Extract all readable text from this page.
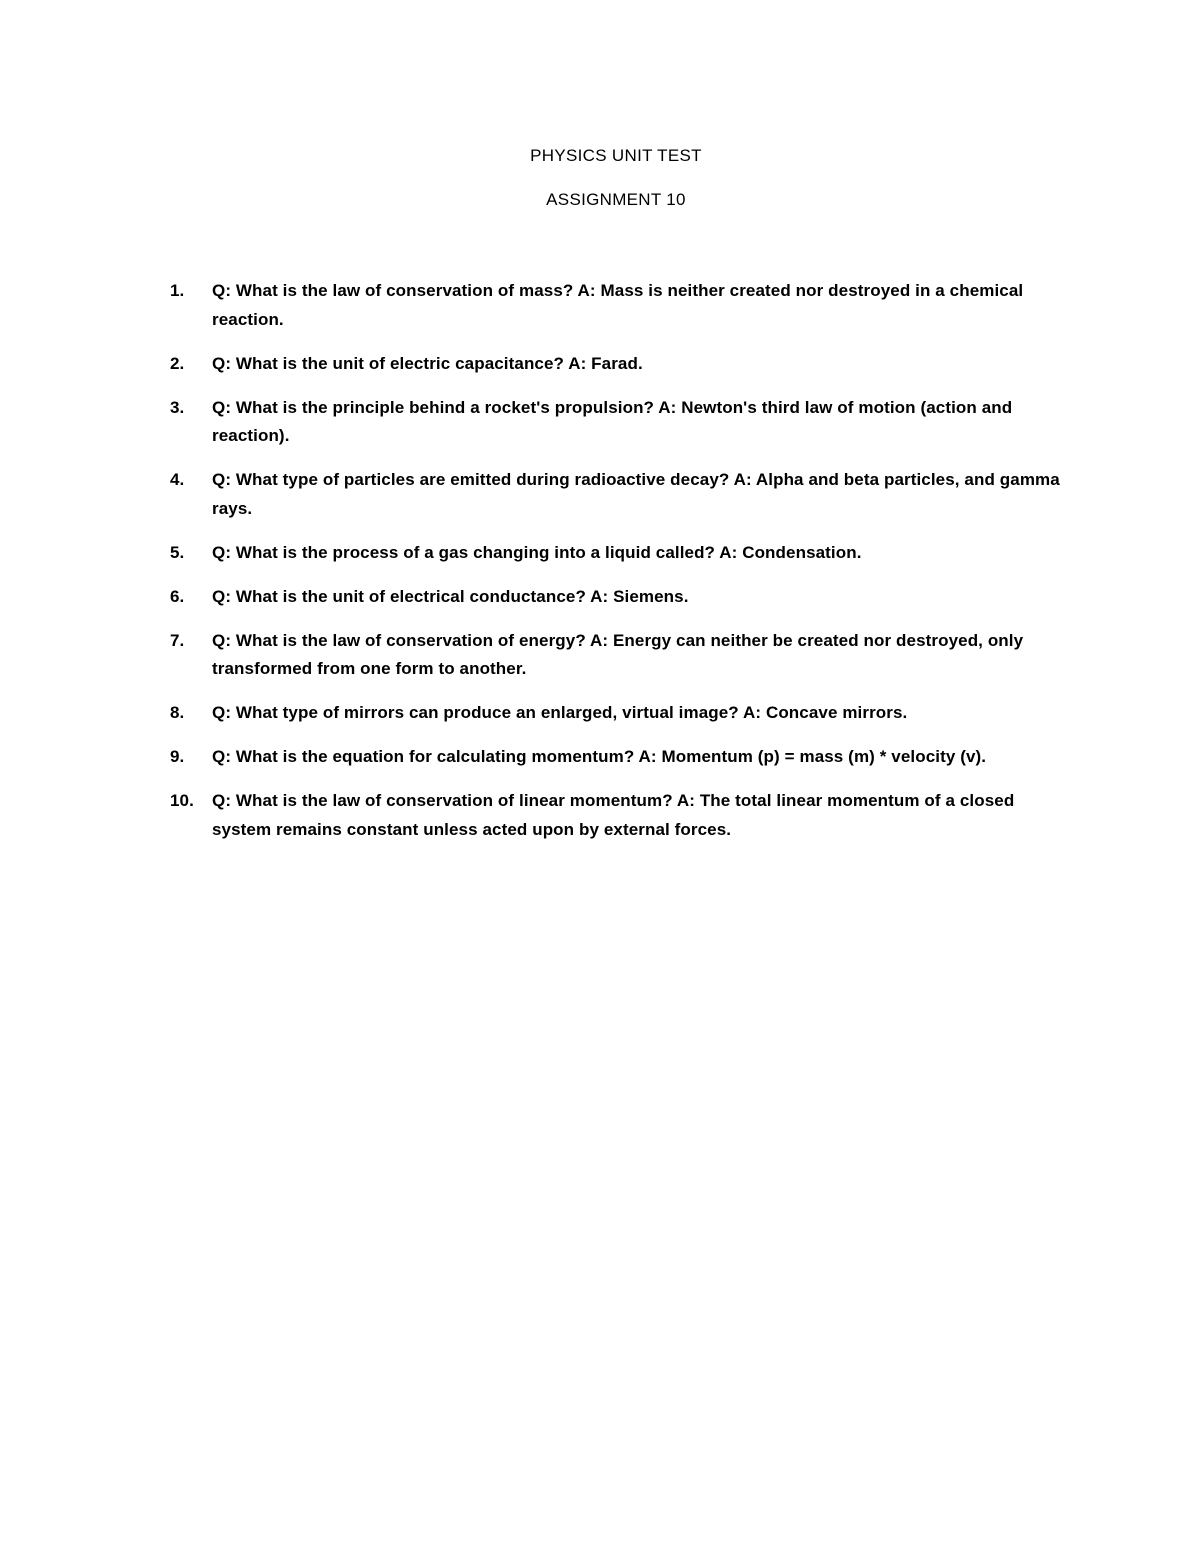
PHYSICS UNIT TEST
ASSIGNMENT 10
1.	Q: What is the law of conservation of mass? A: Mass is neither created nor destroyed in a chemical reaction.
2.	Q: What is the unit of electric capacitance? A: Farad.
3.	Q: What is the principle behind a rocket's propulsion? A: Newton's third law of motion (action and reaction).
4.	Q: What type of particles are emitted during radioactive decay? A: Alpha and beta particles, and gamma rays.
5.	Q: What is the process of a gas changing into a liquid called? A: Condensation.
6.	Q: What is the unit of electrical conductance? A: Siemens.
7.	Q: What is the law of conservation of energy? A: Energy can neither be created nor destroyed, only transformed from one form to another.
8.	Q: What type of mirrors can produce an enlarged, virtual image? A: Concave mirrors.
9.	Q: What is the equation for calculating momentum? A: Momentum (p) = mass (m) * velocity (v).
10.	Q: What is the law of conservation of linear momentum? A: The total linear momentum of a closed system remains constant unless acted upon by external forces.
